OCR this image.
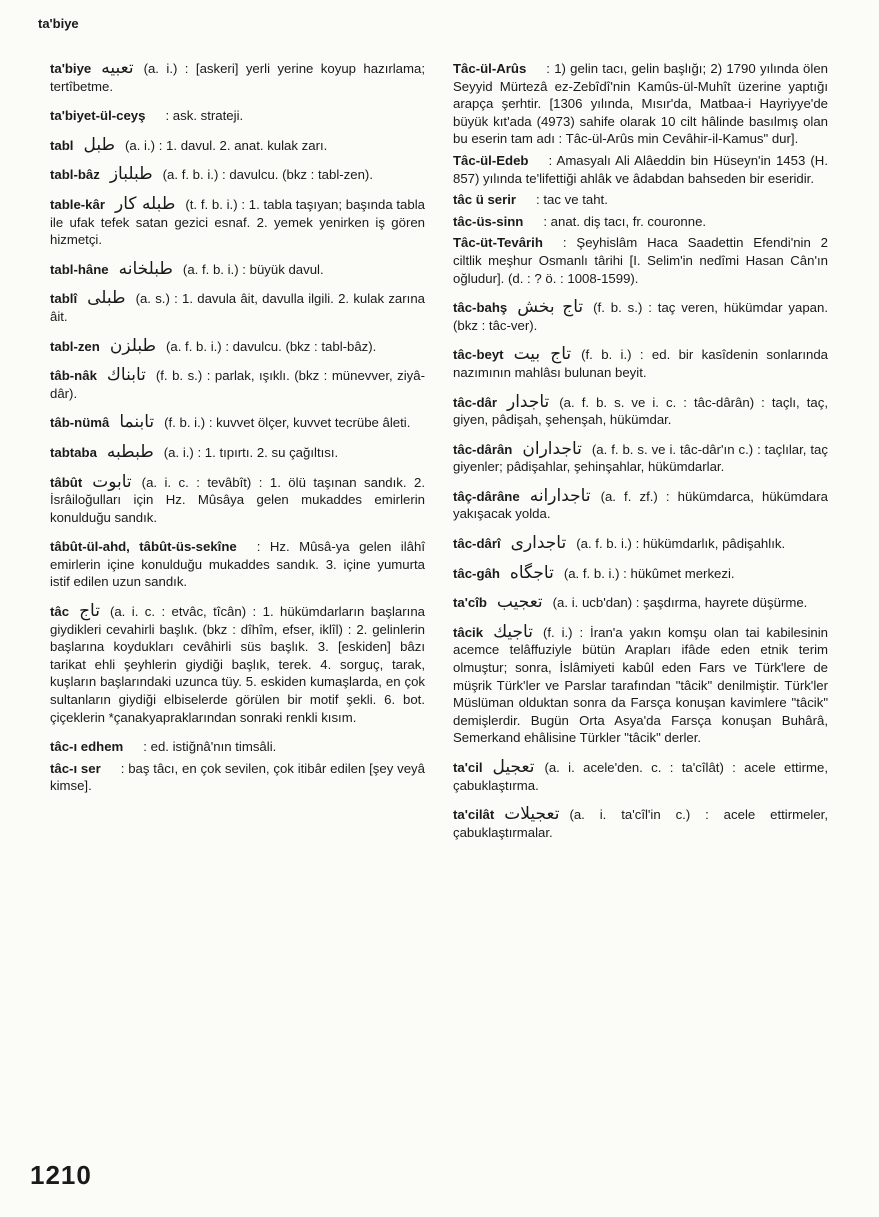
ta'biye

ta'biye تعبيه (a. i.) : [askeri] yerli yerine koyup hazırlama; tertîbetme.

ta'biyet-ül-ceyş : ask. strateji.

tabl طبل (a. i.) : 1. davul. 2. anat. kulak zarı.

tabl-bâz طبلباز (a. f. b. i.) : davulcu. (bkz : tabl-zen).

table-kâr طبله كار (t. f. b. i.) : 1. tabla taşıyan; başında tabla ile ufak tefek satan gezici esnaf. 2. yemek yenirken iş gören hizmetçi.

tabl-hâne طبلخانه (a. f. b. i.) : büyük davul.

tablî طبلى (a. s.) : 1. davula âit, davulla ilgili. 2. kulak zarına âit.

tabl-zen طبلزن (a. f. b. i.) : davulcu. (bkz : tabl-bâz).

tâb-nâk تابناك (f. b. s.) : parlak, ışıklı. (bkz : münevver, ziyâ-dâr).

tâb-nümâ تابنما (f. b. i.) : kuvvet ölçer, kuvvet tecrübe âleti.

tabtaba طبطبه (a. i.) : 1. tıpırtı. 2. su çağıltısı.

tâbût تابوت (a. i. c. : tevâbît) : 1. ölü taşınan sandık. 2. İsrâiloğulları için Hz. Mûsâya gelen mukaddes emirlerin konulduğu sandık.

tâbût-ül-ahd, tâbût-üs-sekîne : Hz. Mûsâ-ya gelen ilâhî emirlerin içine konulduğu mukaddes sandık. 3. içine yumurta istif edilen uzun sandık.

tâc تاج (a. i. c. : etvâc, tîcân) : 1. hükümdarların başlarına giydikleri cevahirli başlık. (bkz : dîhîm, efser, iklîl) : 2. gelinlerin başlarına koydukları cevâhirli süs başlık. 3. [eskiden] bâzı tarikat ehli şeyhlerin giydiği başlık, terek. 4. sorguç, tarak, kuşların başlarındaki uzunca tüy. 5. eskiden kumaşlarda, en çok sultanların giydiği elbiselerde görülen bir motif şekli. 6. bot. çiçeklerin *çanakyapraklarından sonraki renkli kısım.

tâc-ı edhem : ed. istiğnâ'nın timsâli.

tâc-ı ser : baş tâcı, en çok sevilen, çok itibâr edilen [şey veyâ kimse].

Tâc-ül-Arûs : 1) gelin tacı, gelin başlığı; 2) 1790 yılında ölen Seyyid Mürtezâ ez-Zebîdî'nin Kamûs-ül-Muhît üzerine yaptığı arapça şerhtir. [1306 yılında, Mısır'da, Matbaa-i Hayriyye'de büyük kıt'ada (4973) sahife olarak 10 cilt hâlinde basılmış olan bu eserin tam adı : Tâc-ül-Arûs min Cevâhir-il-Kamus" dur].

Tâc-ül-Edeb : Amasyalı Ali Alâeddin bin Hüseyn'in 1453 (H. 857) yılında te'lifettiği ahlâk ve âdabdan bahseden bir eseridir.

tâc ü serir : tac ve taht.

tâc-üs-sinn : anat. diş tacı, fr. couronne.

Tâc-üt-Tevârih : Şeyhislâm Haca Saadettin Efendi'nin 2 ciltlik meşhur Osmanlı târihi [I. Selim'in nedîmi Hasan Cân'ın oğludur]. (d. : ? ö. : 1008-1599).

tâc-bahş تاج بخش (f. b. s.) : taç veren, hükümdar yapan. (bkz : tâc-ver).

tâc-beyt تاج بيت (f. b. i.) : ed. bir kasîdenin sonlarında nazımının mahlâsı bulunan beyit.

tâc-dâr تاجدار (a. f. b. s. ve i. c. : tâc-dârân) : taçlı, taç, giyen, pâdişah, şehenşah, hükümdar.

tâc-dârân تاجداران (a. f. b. s. ve i. tâc-dâr'ın c.) : taçlılar, taç giyenler; pâdişahlar, şehinşahlar, hükümdarlar.

tâç-dârâne تاجدارانه (a. f. zf.) : hükümdarca, hükümdara yakışacak yolda.

tâc-dârî تاجدارى (a. f. b. i.) : hükümdarlık, pâdişahlık.

tâc-gâh تاجگاه (a. f. b. i.) : hükûmet merkezi.

ta'cîb تعجيب (a. i. ucb'dan) : şaşdırma, hayrete düşürme.

tâcik تاجيك (f. i.) : İran'a yakın komşu olan tai kabilesinin acemce telâffuziyle bütün Arapları ifâde eden etnik terim olmuştur; sonra, İslâmiyeti kabûl eden Fars ve Türk'lere de müşrik Türk'ler ve Parslar tarafından "tâcik" denilmiştir. Türk'ler Müslüman olduktan sonra da Farsça konuşan kavimlere "tâcik" demişlerdir. Bugün Orta Asya'da Farsça konuşan Buhârâ, Semerkand ehâlisine Türkler "tâcik" derler.

ta'cil تعجيل (a. i. acele'den. c. : ta'cîlât) : acele ettirme, çabuklaştırma.

ta'cilât تعجيلات (a. i. ta'cîl'in c.) : acele ettirmeler, çabuklaştırmalar.

1210
